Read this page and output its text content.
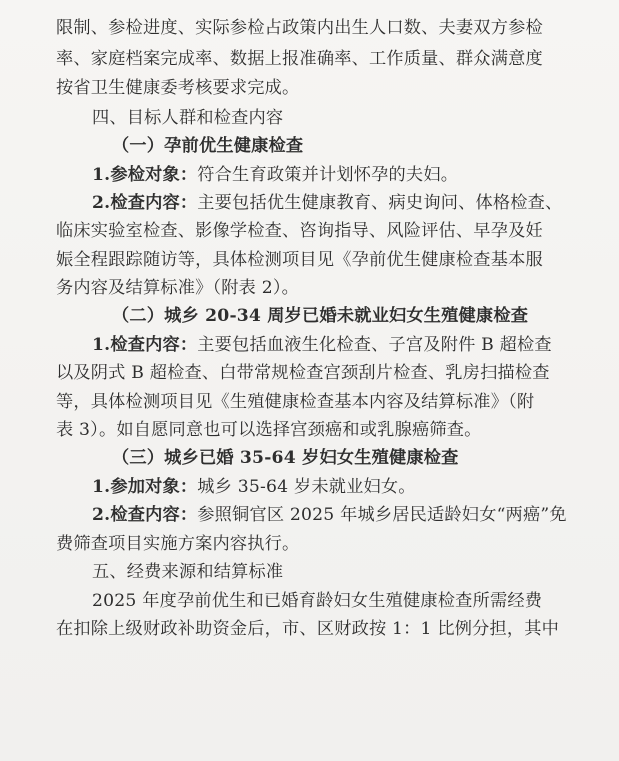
限制、参检进度、实际参检占政策内出生人口数、夫妻双方参检
率、家庭档案完成率、数据上报准确率、工作质量、群众满意度
按省卫生健康委考核要求完成。
四、目标人群和检查内容
（一）孕前优生健康检查
1.参检对象：符合生育政策并计划怀孕的夫妇。
2.检查内容：主要包括优生健康教育、病史询问、体格检查、
临床实验室检查、影像学检查、咨询指导、风险评估、早孕及妊
娠全程跟踪随访等，具体检测项目见《孕前优生健康检查基本服
务内容及结算标准》（附表 2）。
（二）城乡 20-34 周岁已婚未就业妇女生殖健康检查
1.检查内容：主要包括血液生化检查、子宫及附件 B 超检查
以及阴式 B 超检查、白带常规检查宫颈刮片检查、乳房扫描检查
等，具体检测项目见《生殖健康检查基本内容及结算标准》（附
表 3）。如自愿同意也可以选择宫颈癌和或乳腺癌筛查。
（三）城乡已婚 35-64 岁妇女生殖健康检查
1.参加对象：城乡 35-64 岁未就业妇女。
2.检查内容：参照铜官区 2025 年城乡居民适龄妇女“两癌”免
费筛查项目实施方案内容执行。
五、经费来源和结算标准
2025 年度孕前优生和已婚育龄妇女生殖健康检查所需经费
在扣除上级财政补助资金后，市、区财政按 1：1 比例分担，其中
